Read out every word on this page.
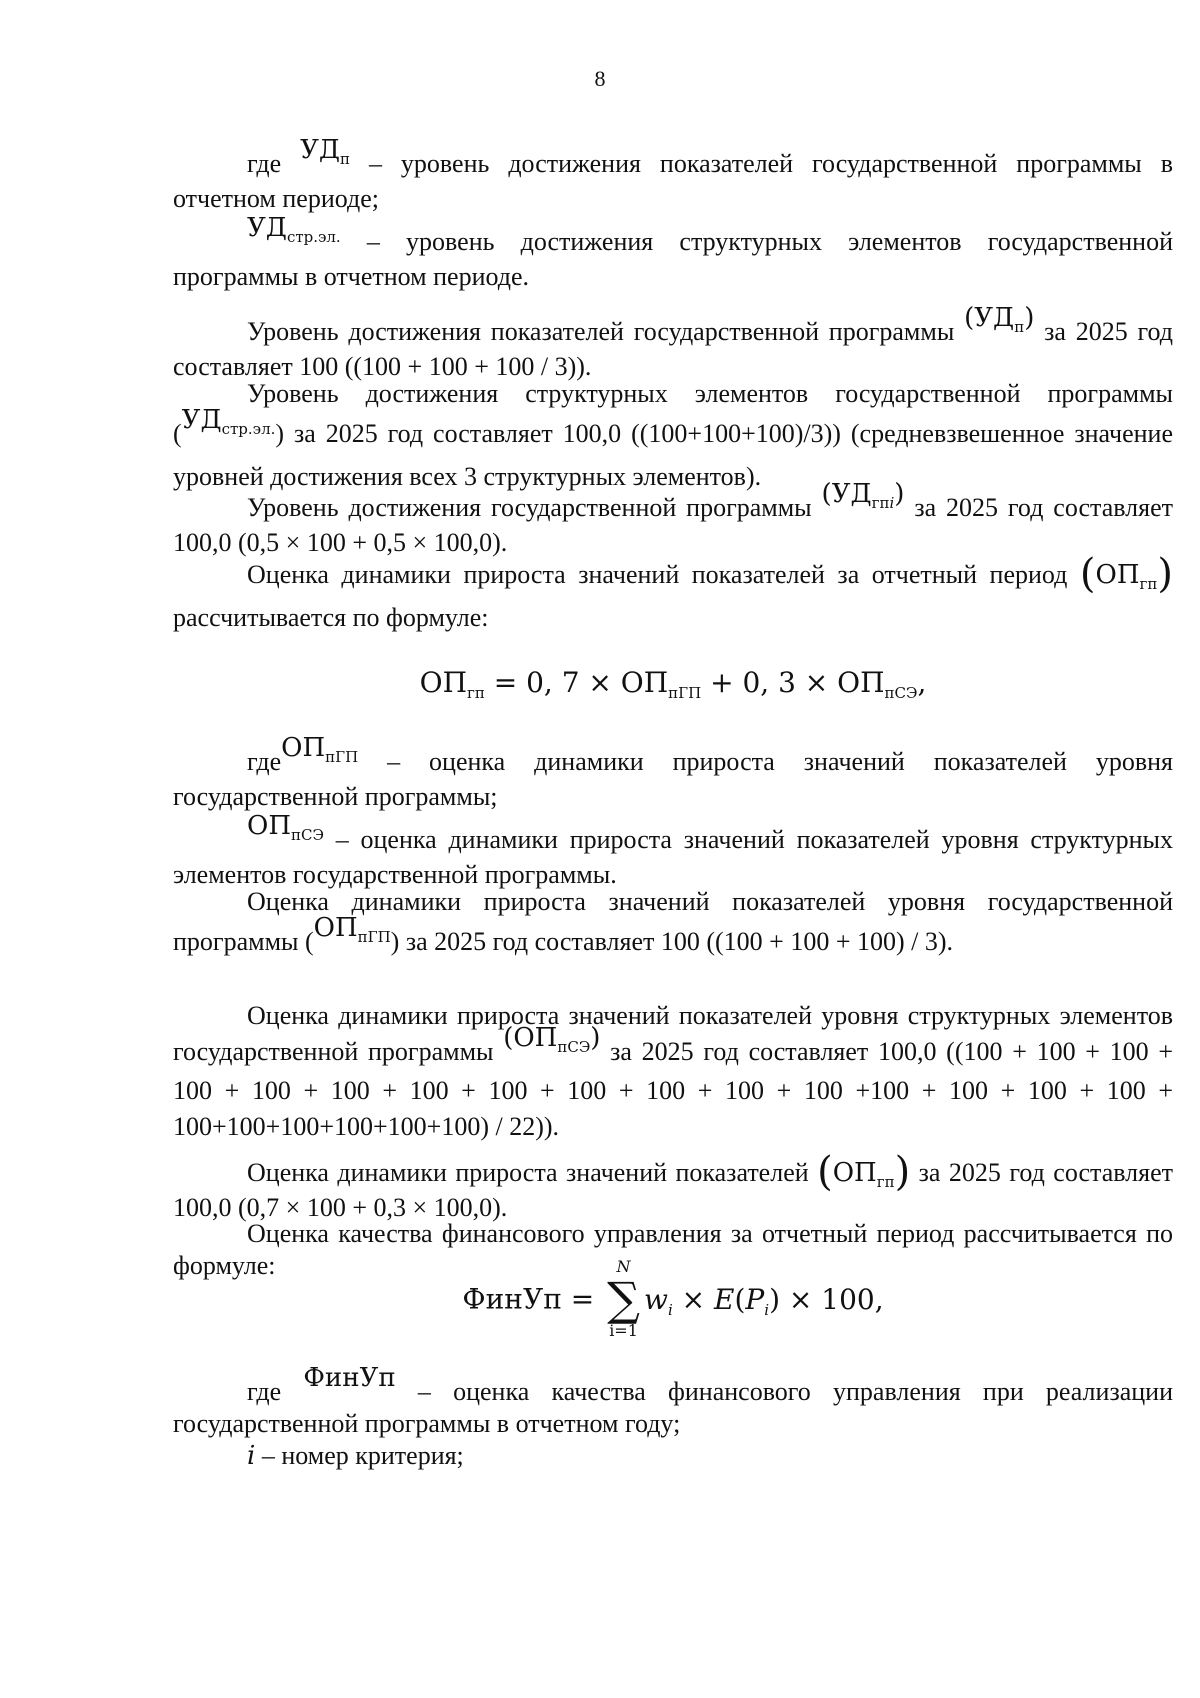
8

где $УД_п$ – уровень достижения показателей государственной программы в отчетном периоде;

$УД_{стр.эл.}$ – уровень достижения структурных элементов государственной программы в отчетном периоде.

Уровень достижения показателей государственной программы $(УД_п)$ за 2025 год составляет 100 ((100 + 100 + 100 / 3)).

Уровень достижения структурных элементов государственной программы $(УД_{стр.эл.})$ за 2025 год составляет 100,0 ((100+100+100)/3)) (средневзвешенное значение уровней достижения всех 3 структурных элементов).

Уровень достижения государственной программы $(УД_{гпi})$ за 2025 год составляет 100,0 (0,5 × 100 + 0,5 × 100,0).

Оценка динамики прироста значений показателей за отчетный период $(ОП_{гп})$ рассчитывается по формуле:

$ОП_{гп} = 0$, $7 \times ОП_{пГП} + 0$, $3 \times ОП_{пСЭ}$,

гдеОП$_{пГП}$ – оценка динамики прироста значений показателей уровня государственной программы;

$ОП_{пСЭ}$ – оценка динамики прироста значений показателей уровня структурных элементов государственной программы.

Оценка динамики прироста значений показателей уровня государственной программы $(ОП_{пГП})$ за 2025 год составляет 100 ((100 + 100 + 100) / 3).

Оценка динамики прироста значений показателей уровня структурных элементов государственной программы $(ОП_{пСЭ})$ за 2025 год составляет 100,0 ((100 + 100 + 100 + 100 + 100 + 100 + 100 + 100 + 100 + 100 + 100 + 100 +100 + 100 + 100 + 100 + 100+100+100+100+100+100) / 22)).

Оценка динамики прироста значений показателей $(ОП_{гп})$ за 2025 год составляет 100,0 (0,7 × 100 + 0,3 × 100,0).

Оценка качества финансового управления за отчетный период рассчитывается по формуле:

ФинУп =
N
∑
i=1
$w_i \times E(P_i) \times 100$,

где ФинУп – оценка качества финансового управления при реализации государственной программы в отчетном году;

i – номер критерия;
